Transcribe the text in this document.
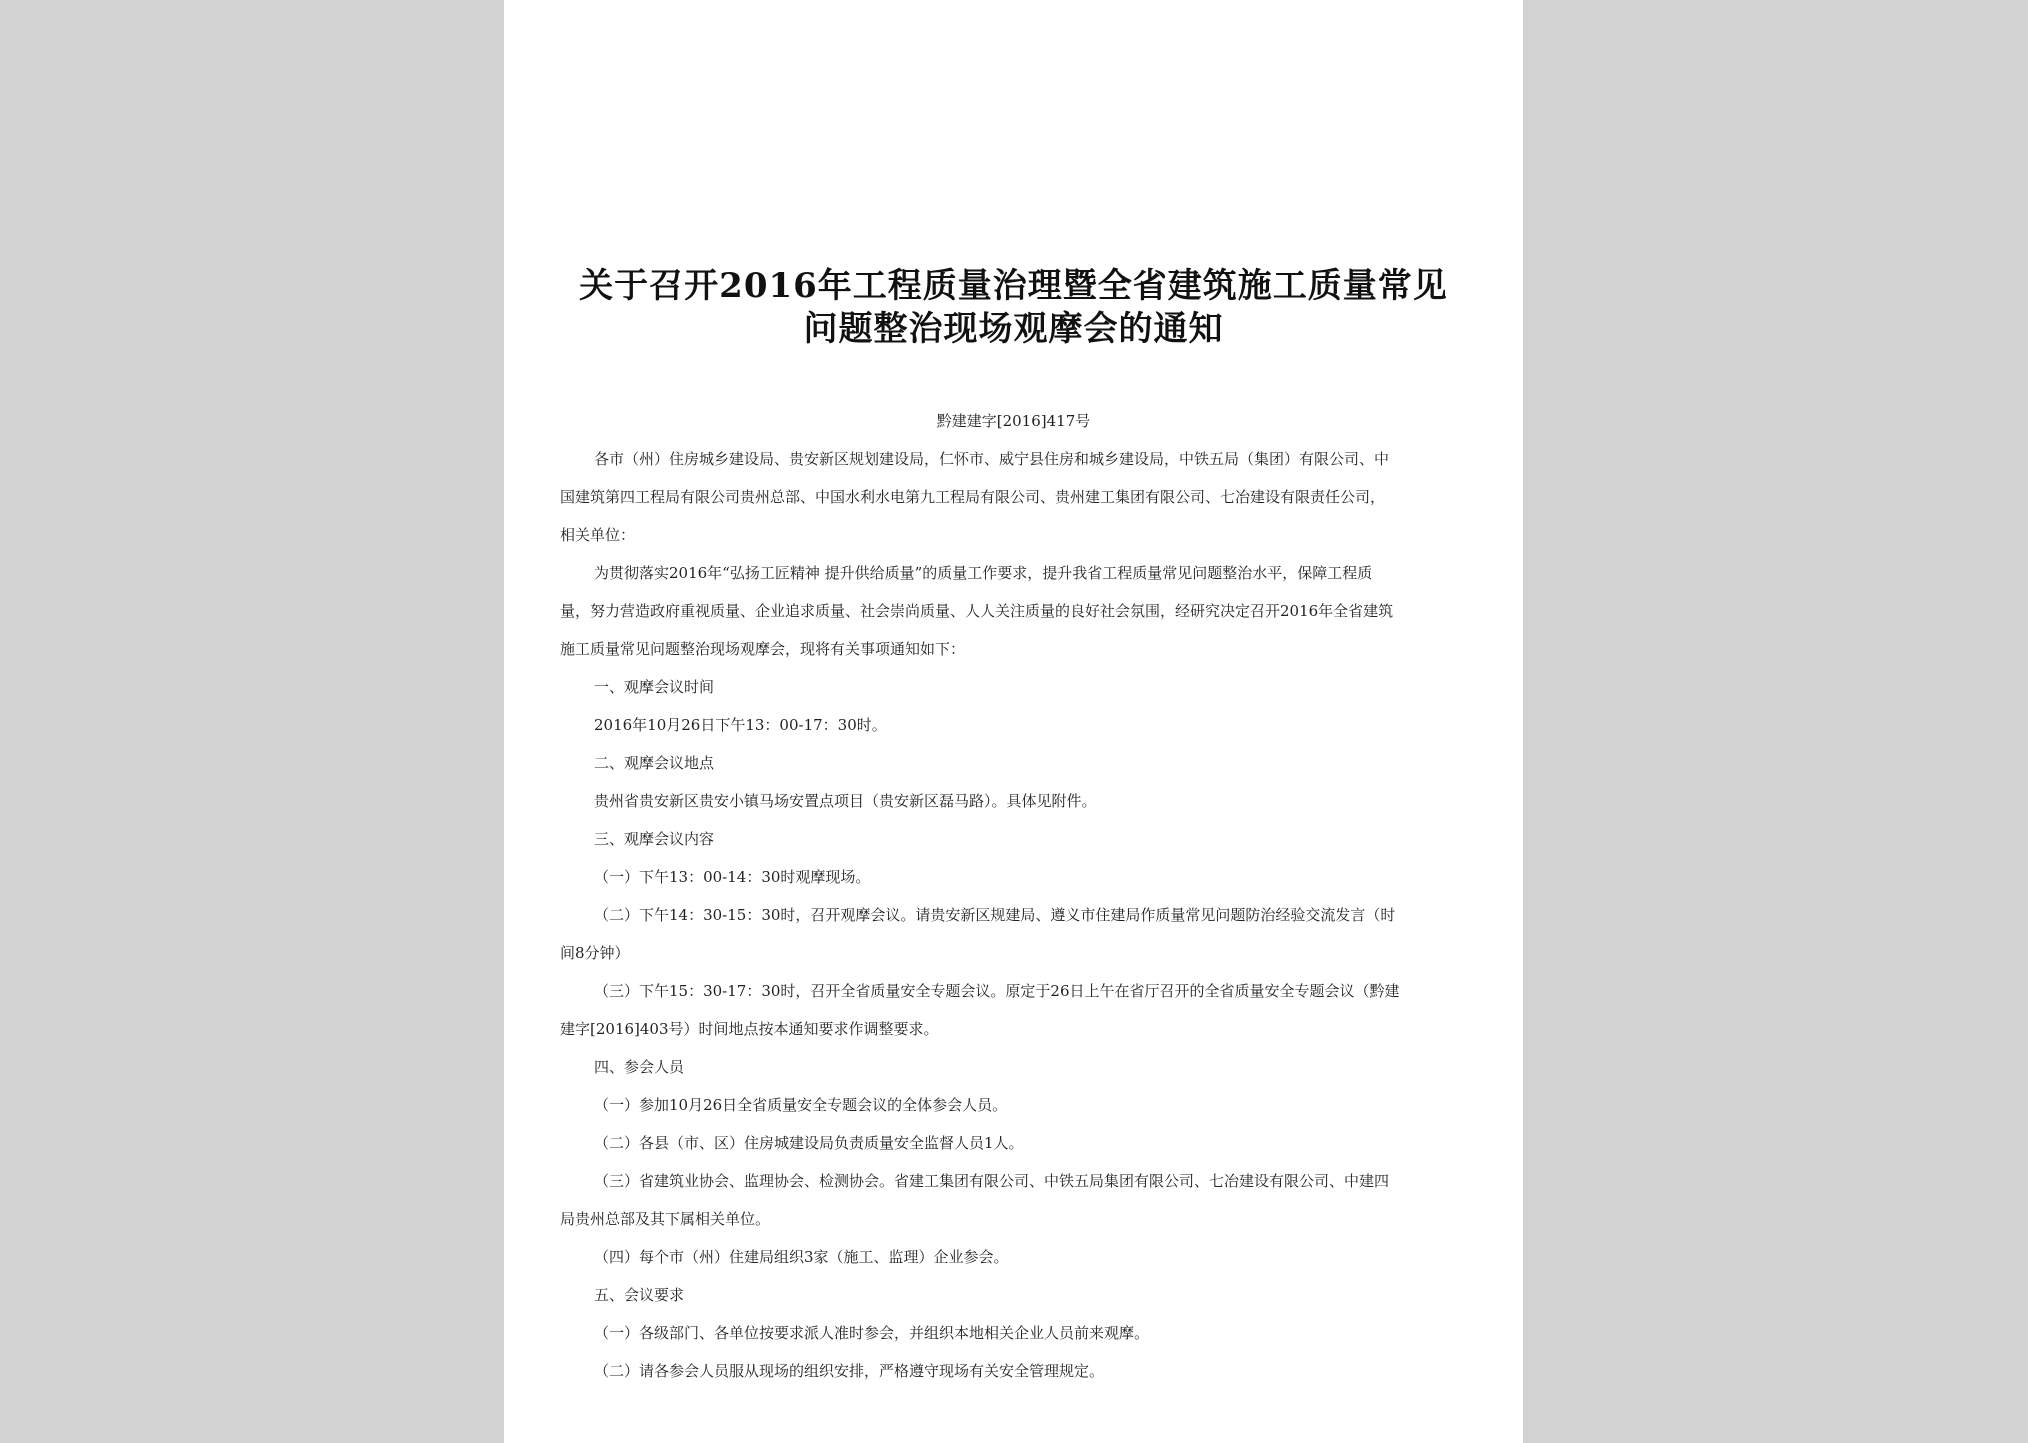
关于召开2016年工程质量治理暨全省建筑施工质量常见
问题整治现场观摩会的通知
黔建建字[2016]417号

各市（州）住房城乡建设局、贵安新区规划建设局，仁怀市、威宁县住房和城乡建设局，中铁五局（集团）有限公司、中

国建筑第四工程局有限公司贵州总部、中国水利水电第九工程局有限公司、贵州建工集团有限公司、七冶建设有限责任公司，

相关单位：

为贯彻落实2016年“弘扬工匠精神 提升供给质量”的质量工作要求，提升我省工程质量常见问题整治水平，保障工程质

量，努力营造政府重视质量、企业追求质量、社会崇尚质量、人人关注质量的良好社会氛围，经研究决定召开2016年全省建筑

施工质量常见问题整治现场观摩会，现将有关事项通知如下：

一、观摩会议时间

2016年10月26日下午13：00-17：30时。

二、观摩会议地点

贵州省贵安新区贵安小镇马场安置点项目（贵安新区磊马路）。具体见附件。

三、观摩会议内容

（一）下午13：00-14：30时观摩现场。

（二）下午14：30-15：30时，召开观摩会议。请贵安新区规建局、遵义市住建局作质量常见问题防治经验交流发言（时

间8分钟）

（三）下午15：30-17：30时，召开全省质量安全专题会议。原定于26日上午在省厅召开的全省质量安全专题会议（黔建

建字[2016]403号）时间地点按本通知要求作调整要求。

四、参会人员

（一）参加10月26日全省质量安全专题会议的全体参会人员。

（二）各县（市、区）住房城建设局负责质量安全监督人员1人。

（三）省建筑业协会、监理协会、检测协会。省建工集团有限公司、中铁五局集团有限公司、七冶建设有限公司、中建四

局贵州总部及其下属相关单位。

（四）每个市（州）住建局组织3家（施工、监理）企业参会。

五、会议要求

（一）各级部门、各单位按要求派人准时参会，并组织本地相关企业人员前来观摩。

（二）请各参会人员服从现场的组织安排，严格遵守现场有关安全管理规定。
